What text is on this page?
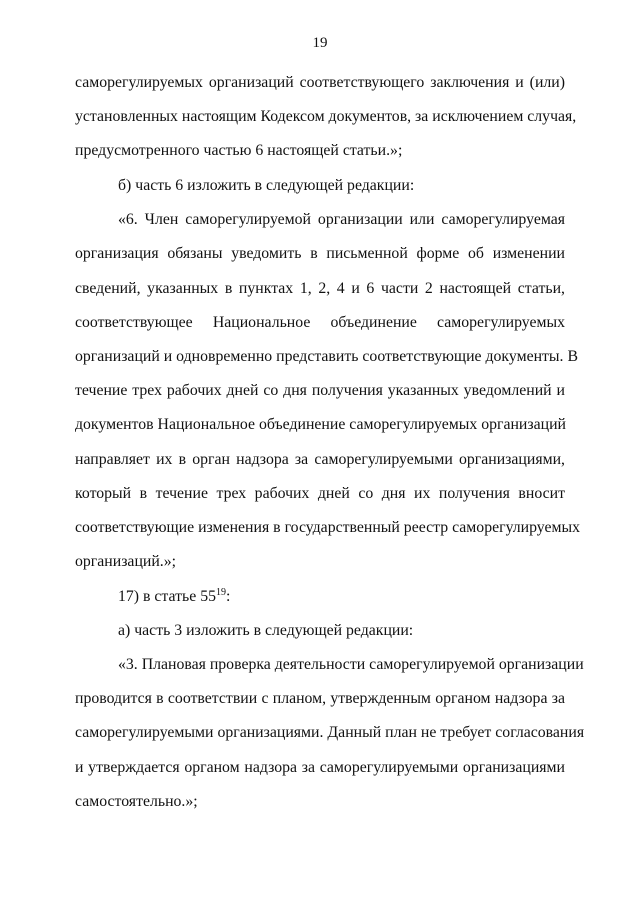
19
саморегулируемых организаций соответствующего заключения и (или)
установленных настоящим Кодексом документов, за исключением случая,
предусмотренного частью 6 настоящей статьи.»;
б) часть 6 изложить в следующей редакции:
«6. Член саморегулируемой организации или саморегулируемая
организация обязаны уведомить в письменной форме об изменении
сведений, указанных в пунктах 1, 2, 4 и 6 части 2 настоящей статьи,
соответствующее Национальное объединение саморегулируемых
организаций и одновременно представить соответствующие документы. В
течение трех рабочих дней со дня получения указанных уведомлений и
документов Национальное объединение саморегулируемых организаций
направляет их в орган надзора за саморегулируемыми организациями,
который в течение трех рабочих дней со дня их получения вносит
соответствующие изменения в государственный реестр саморегулируемых
организаций.»;
17) в статье $55^{19}$:
а) часть 3 изложить в следующей редакции:
«3. Плановая проверка деятельности саморегулируемой организации
проводится в соответствии с планом, утвержденным органом надзора за
саморегулируемыми организациями. Данный план не требует согласования
и утверждается органом надзора за саморегулируемыми организациями
самостоятельно.»;
